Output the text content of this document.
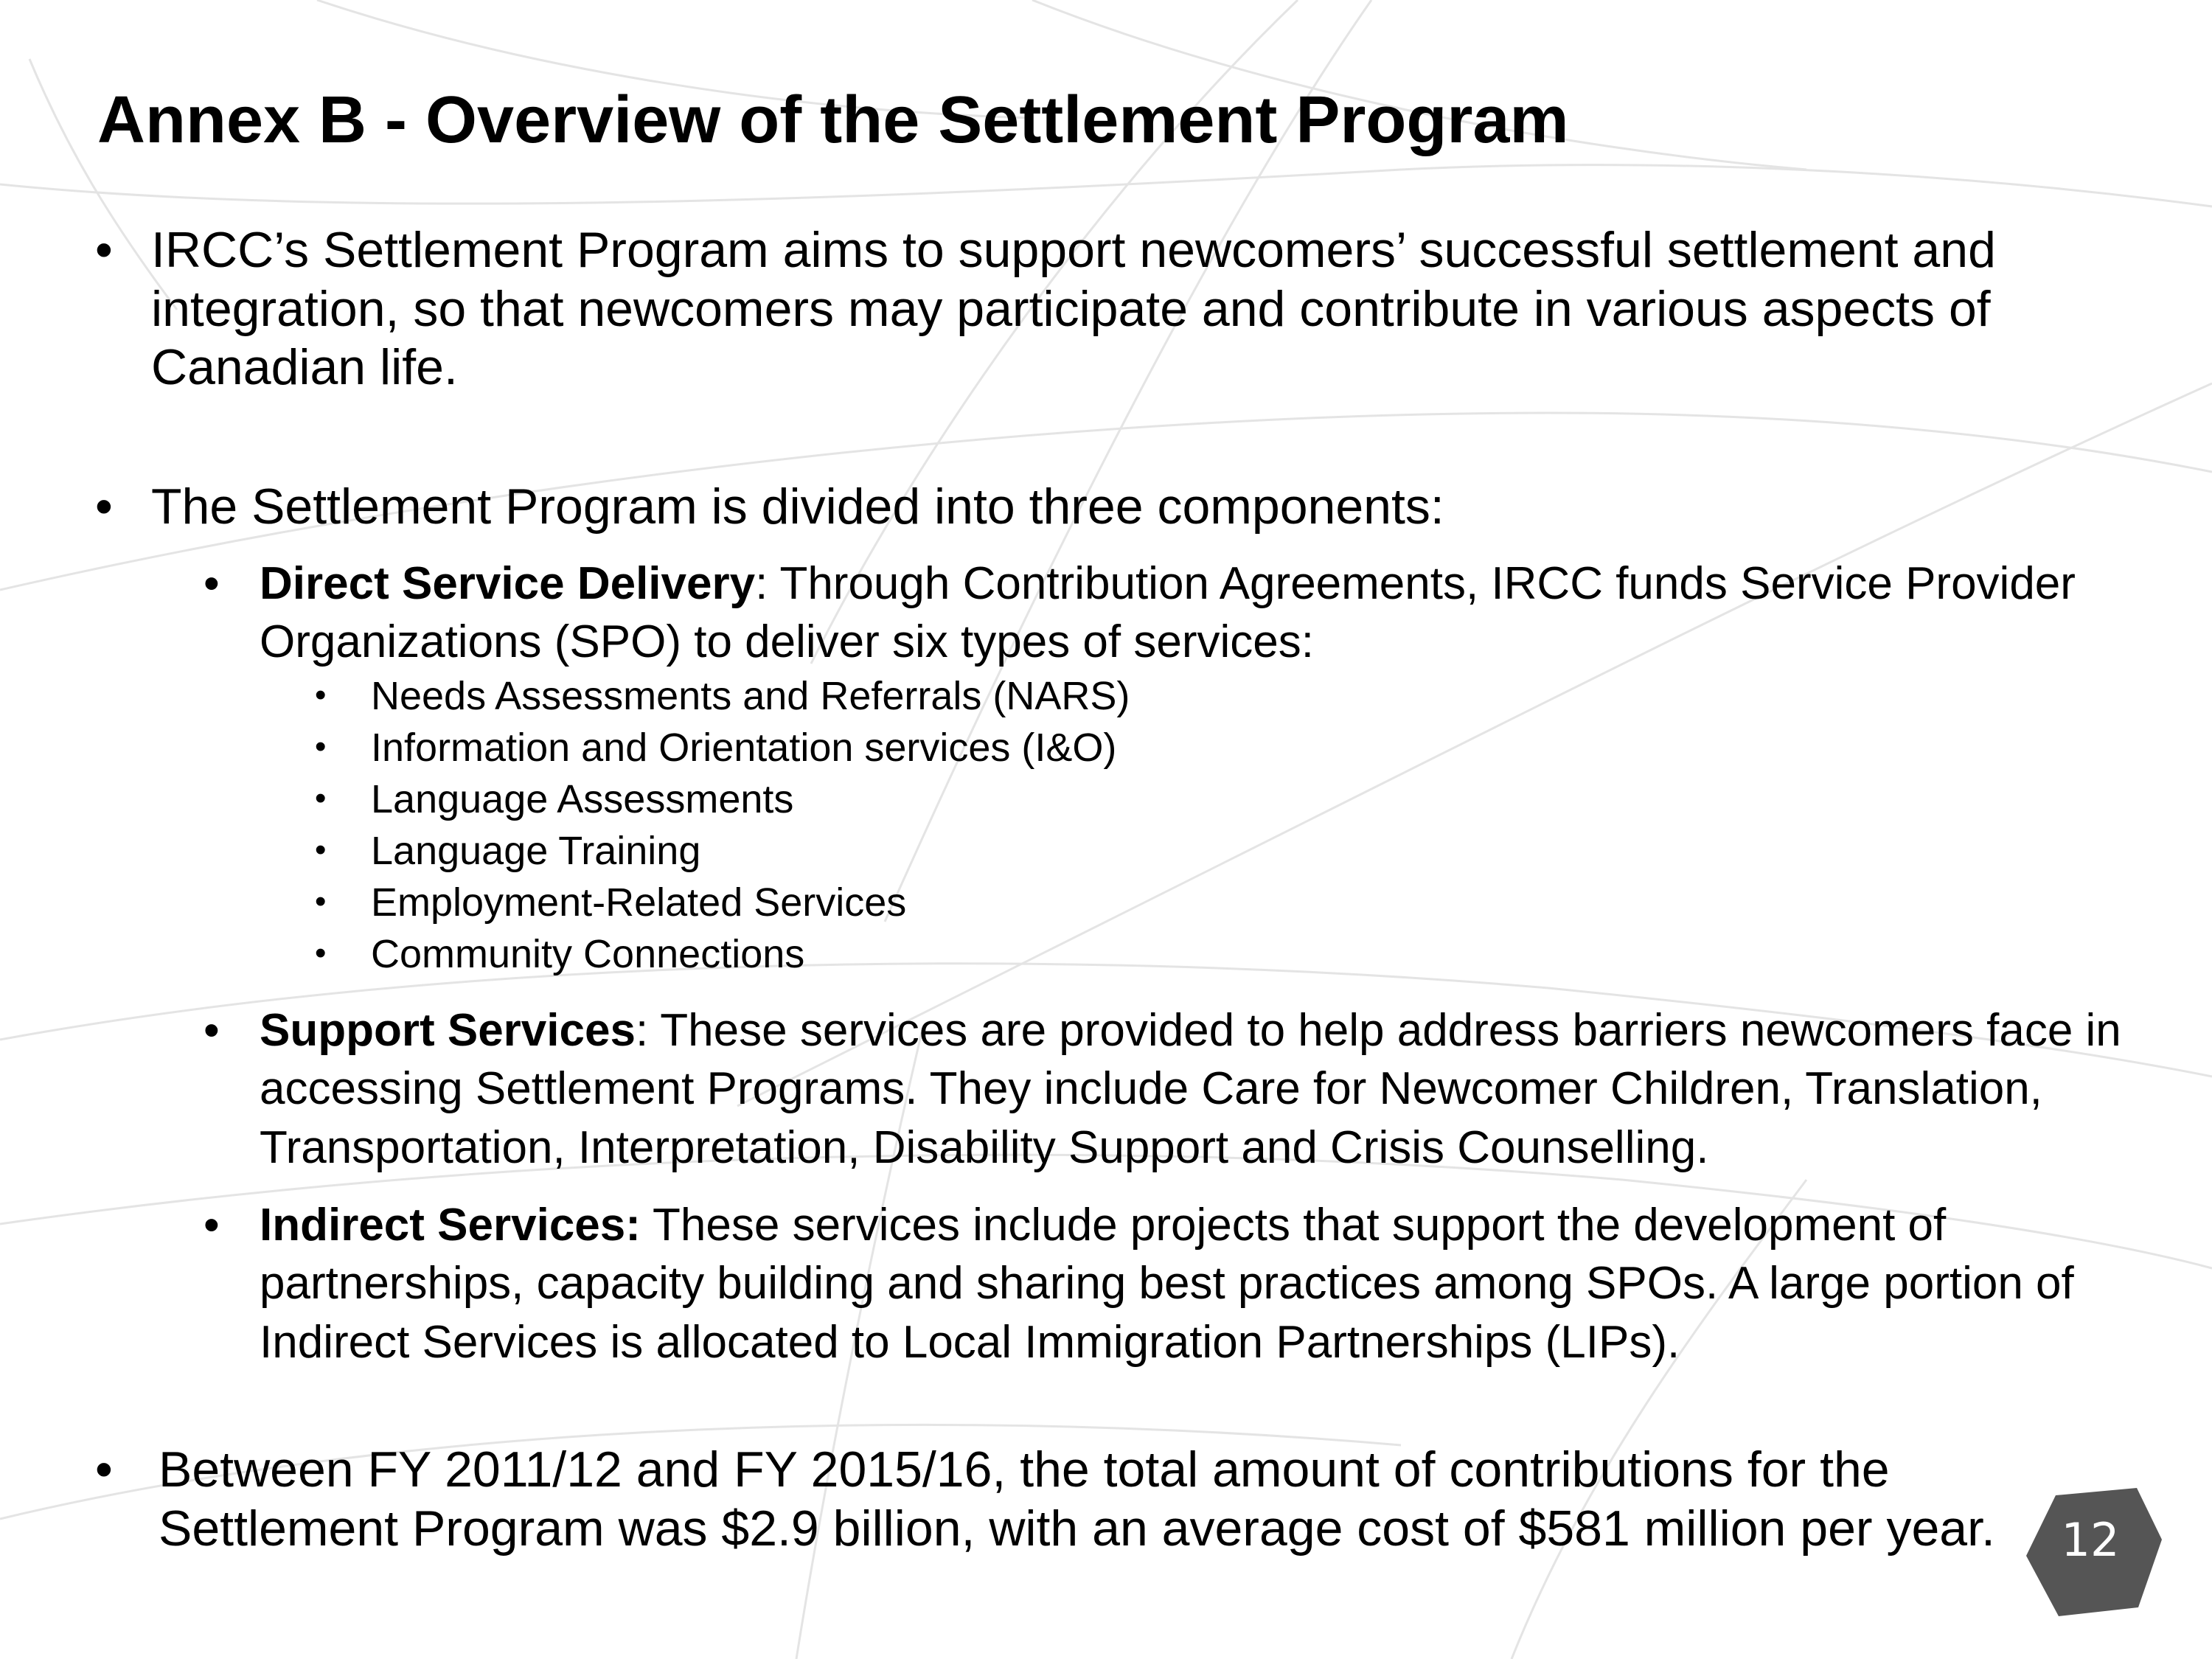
Annex B - Overview of the Settlement Program

• IRCC’s Settlement Program aims to support newcomers’ successful settlement and integration, so that newcomers may participate and contribute in various aspects of Canadian life.

• The Settlement Program is divided into three components:

• Direct Service Delivery: Through Contribution Agreements, IRCC funds Service Provider Organizations (SPO) to deliver six types of services:

• Needs Assessments and Referrals (NARS)

• Information and Orientation services (I&O)

• Language Assessments

• Language Training

• Employment-Related Services

• Community Connections

• Support Services: These services are provided to help address barriers newcomers face in accessing Settlement Programs. They include Care for Newcomer Children, Translation, Transportation, Interpretation, Disability Support and Crisis Counselling.

• Indirect Services: These services include projects that support the development of partnerships, capacity building and sharing best practices among SPOs. A large portion of Indirect Services is allocated to Local Immigration Partnerships (LIPs).

• Between FY 2011/12 and FY 2015/16, the total amount of contributions for the Settlement Program was $2.9 billion, with an average cost of $581 million per year.	12
